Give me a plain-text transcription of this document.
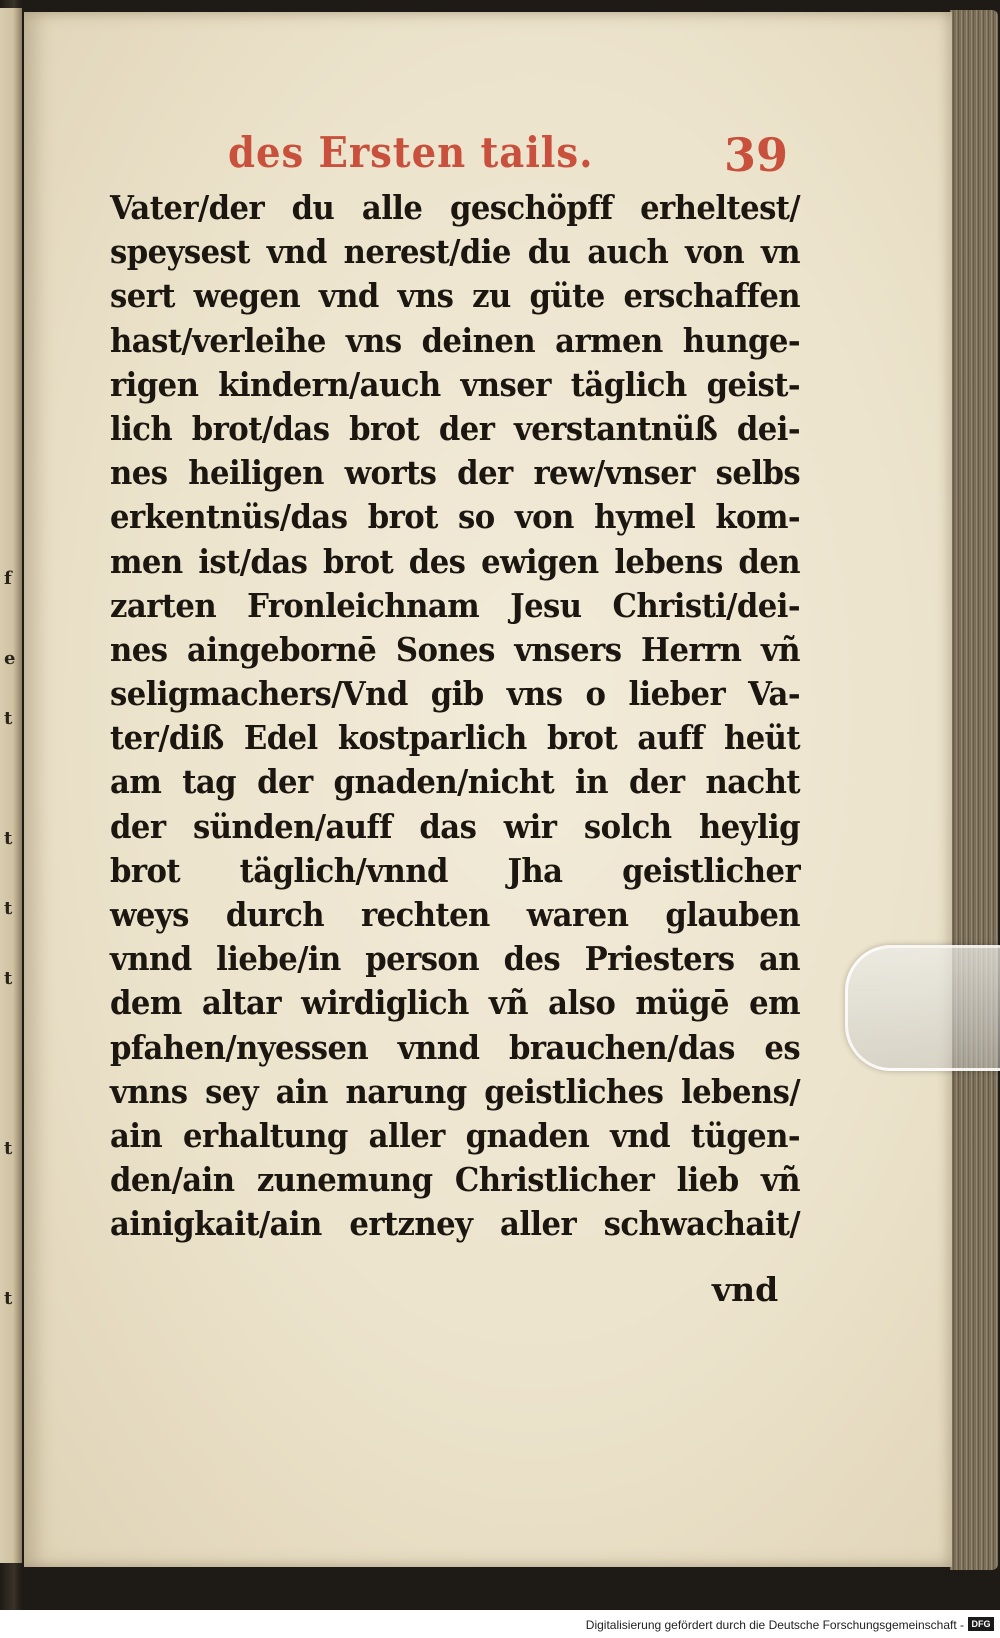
f
e
t
t
t
t
t
t
des Ersten tails.	39
Vater/der du alle geschöpff erheltest/
speysest vnd nerest/die du auch von vn
sert wegen vnd vns zu güte erschaffen
hast/verleihe vns deinen armen hunge-
rigen kindern/auch vnser täglich geist-
lich brot/das brot der verstantnüß dei-
nes heiligen worts der rew/vnser selbs
erkentnüs/das brot so von hymel kom-
men ist/das brot des ewigen lebens den
zarten Fronleichnam Jesu Christi/dei-
nes aingebornē Sones vnsers Herrn vñ
seligmachers/Vnd gib vns o lieber Va-
ter/diß Edel kostparlich brot auff heüt
am tag der gnaden/nicht in der nacht
der sünden/auff das wir solch heylig
brot täglich/vnnd Jha geistlicher
weys durch rechten waren glauben
vnnd liebe/in person des Priesters an
dem altar wirdiglich vñ also mügē em
pfahen/nyessen vnnd brauchen/das es
vnns sey ain narung geistliches lebens/
ain erhaltung aller gnaden vnd tügen-
den/ain zunemung Christlicher lieb vñ
ainigkait/ain ertzney aller schwachait/
vnd
Digitalisierung gefördert durch die Deutsche Forschungsgemeinschaft - DFG
